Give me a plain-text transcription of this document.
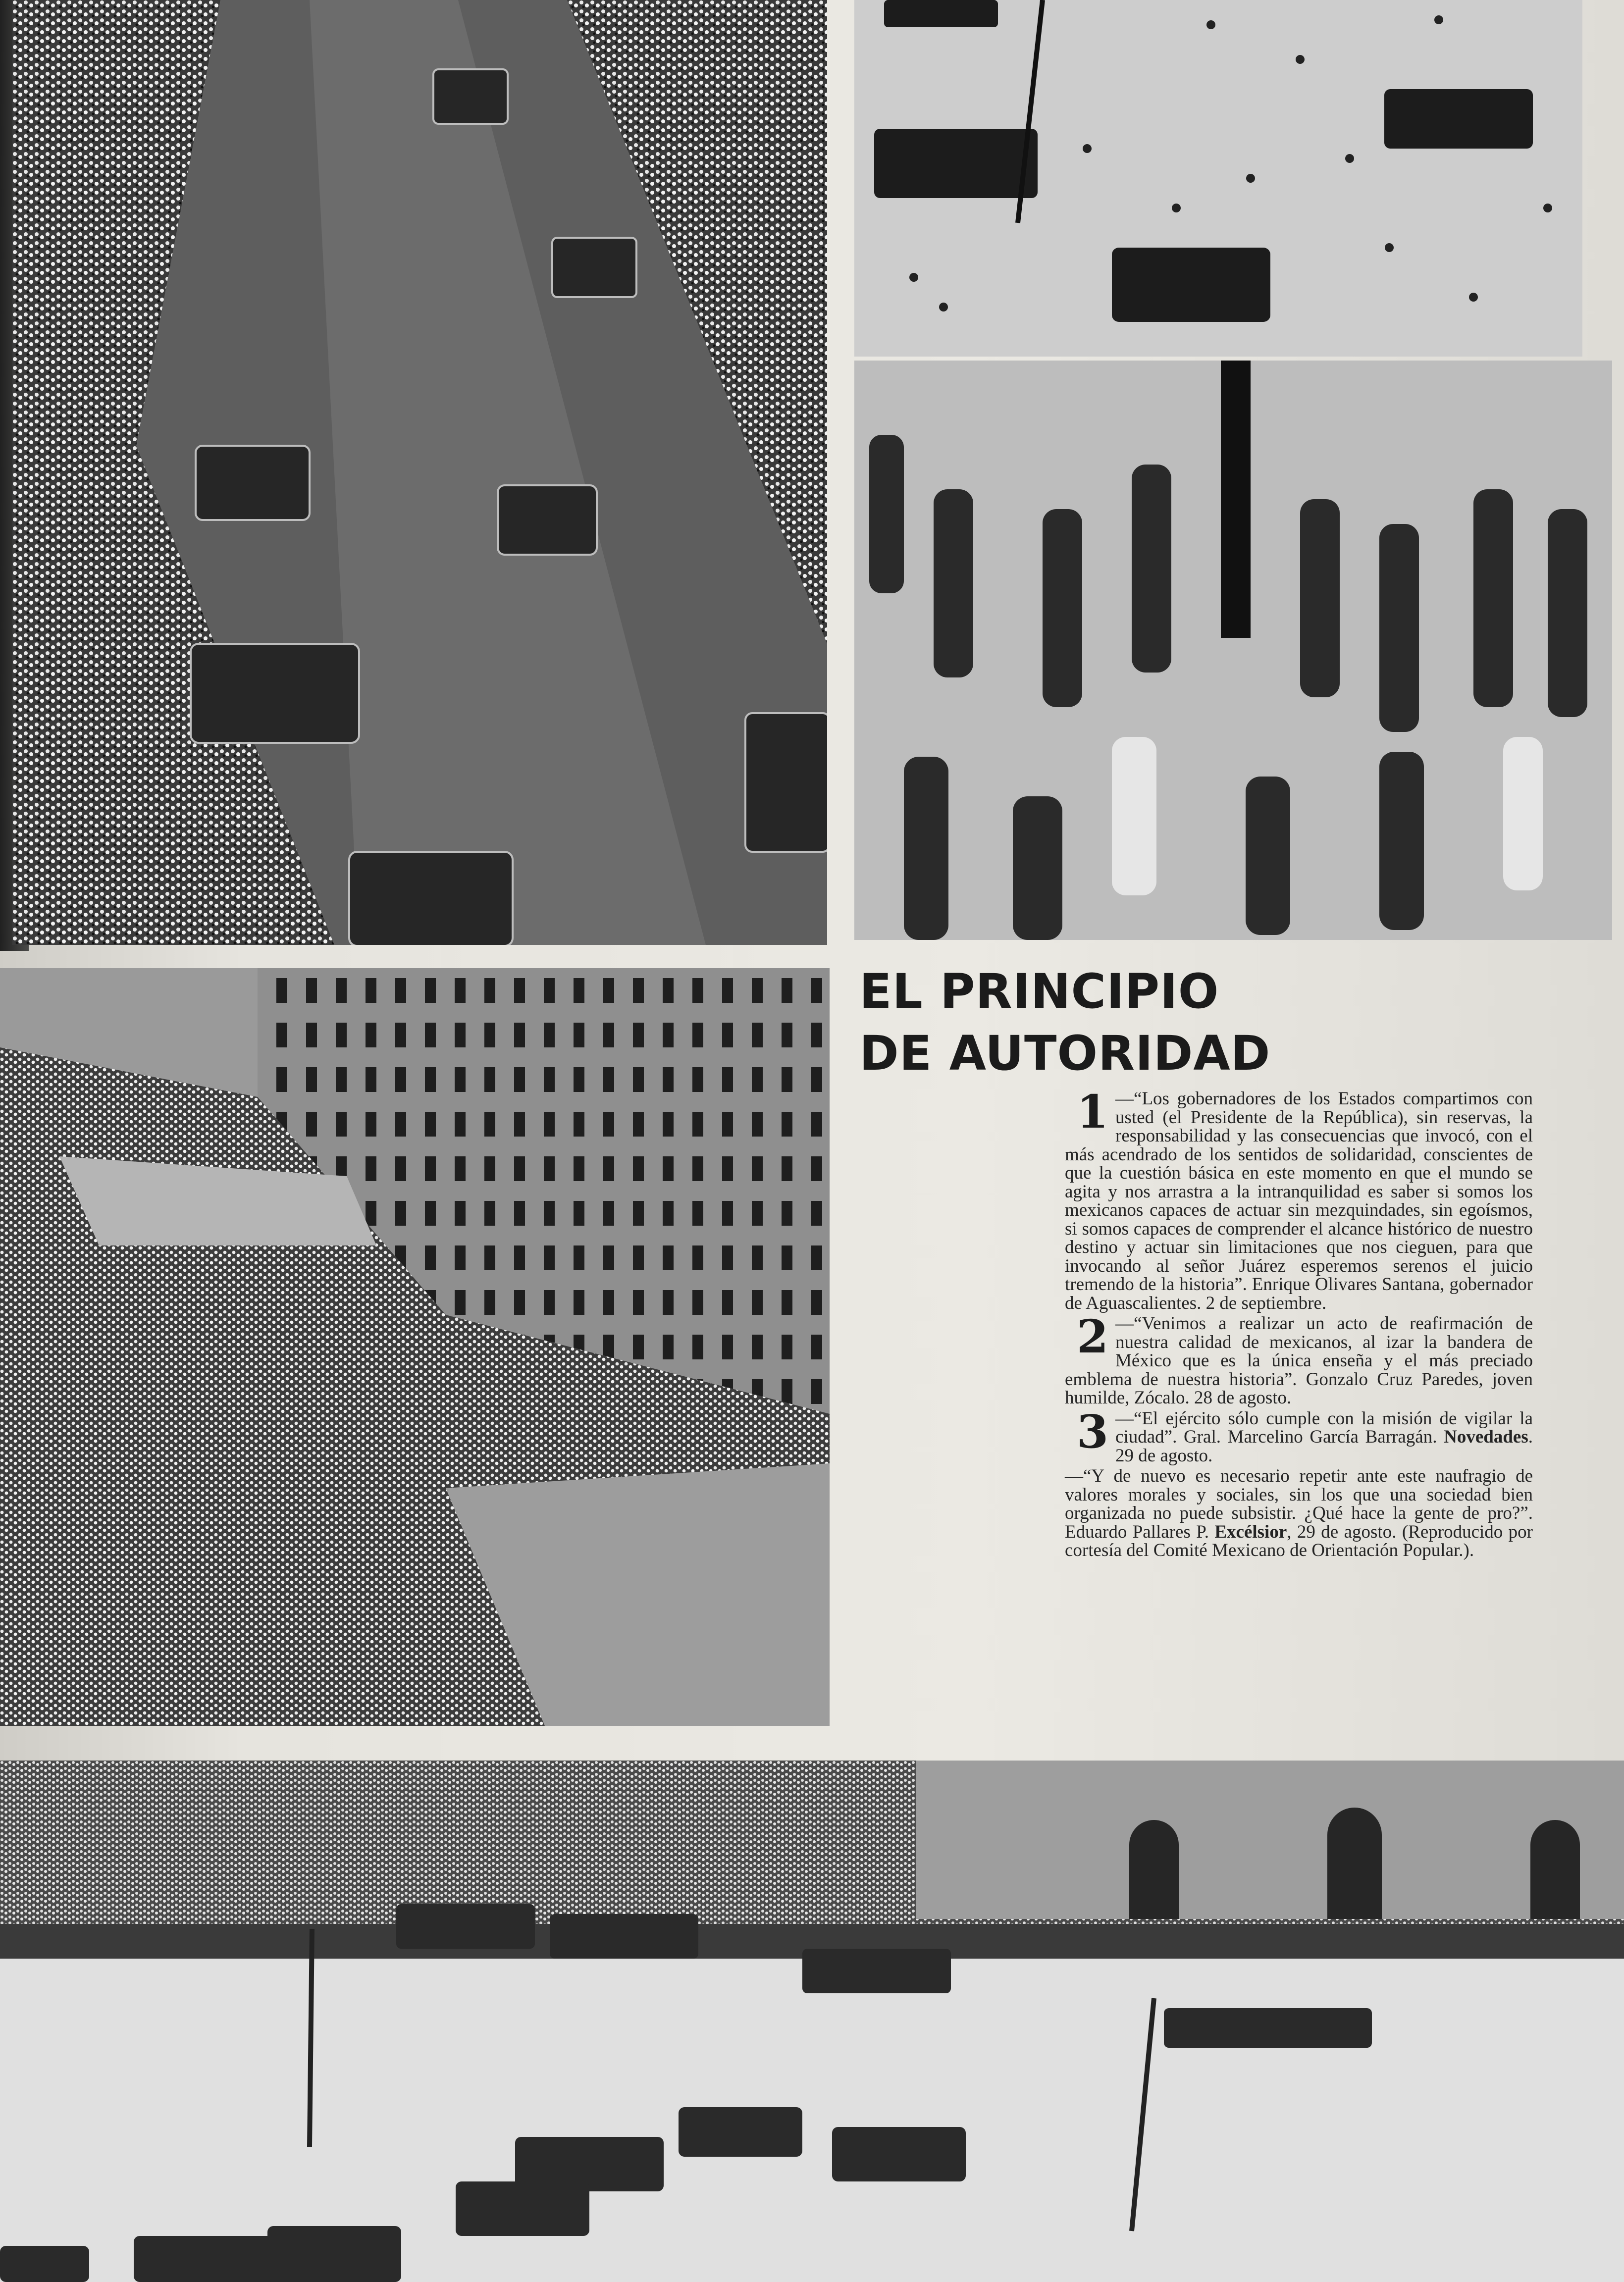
EL PRINCIPIO
DE AUTORIDAD

1 —“Los gobernadores de los Estados compartimos con usted (el Presidente de la República), sin reservas, la responsabilidad y las consecuencias que invocó, con el más acendrado de los sentidos de solidaridad, conscientes de que la cuestión básica en este momento en que el mundo se agita y nos arrastra a la intranquilidad es saber si somos los mexicanos capaces de actuar sin mezquindades, sin egoísmos, si somos capaces de comprender el alcance histórico de nuestro destino y actuar sin limitaciones que nos cieguen, para que invocando al señor Juárez esperemos serenos el juicio tremendo de la historia”. Enrique Olivares Santana, gobernador de Aguascalientes. 2 de septiembre.

2 —“Venimos a realizar un acto de reafirmación de nuestra calidad de mexicanos, al izar la bandera de México que es la única enseña y el más preciado emblema de nuestra historia”. Gonzalo Cruz Paredes, joven humilde, Zócalo. 28 de agosto.

3 —“El ejército sólo cumple con la misión de vigilar la ciudad”. Gral. Marcelino García Barragán. Novedades. 29 de agosto.

—“Y de nuevo es necesario repetir ante este naufragio de valores morales y sociales, sin los que una sociedad bien organizada no puede subsistir. ¿Qué hace la gente de pro?”. Eduardo Pallares P. Excélsior, 29 de agosto. (Reproducido por cortesía del Comité Mexicano de Orientación Popular.).
